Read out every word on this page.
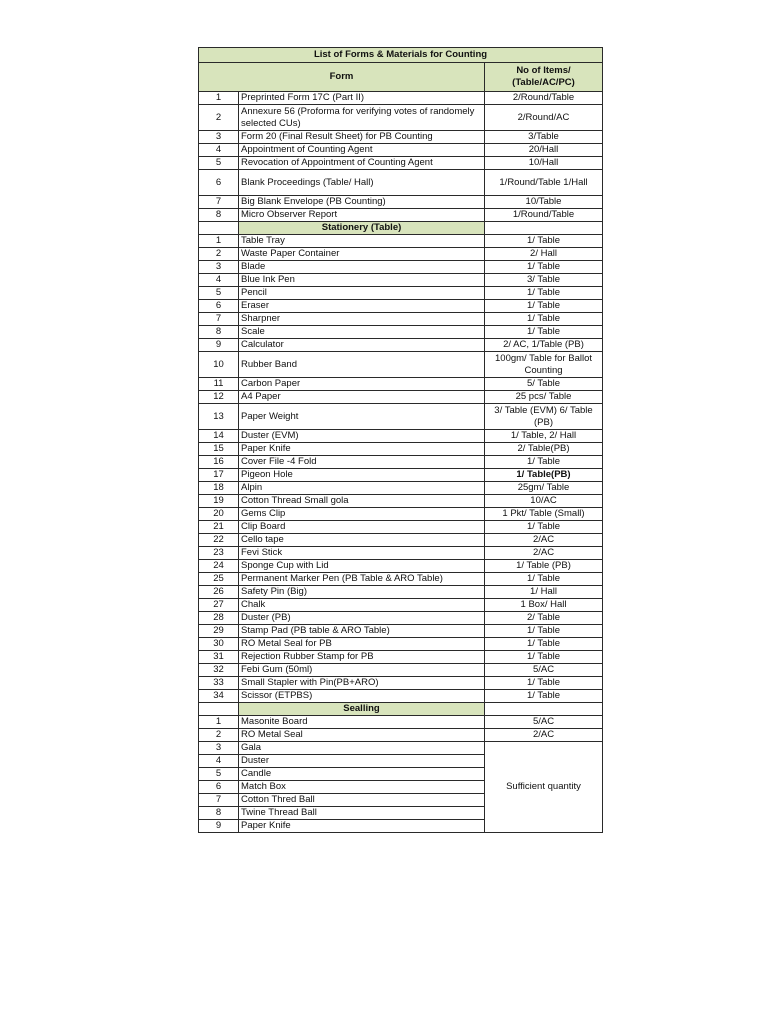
List of Forms & Materials for Counting		
Form		No of Items/ (Table/AC/PC)
1	Preprinted Form 17C (Part II)	2/Round/Table
2	Annexure 56 (Proforma for verifying votes of randomely selected CUs)	2/Round/AC
3	Form 20 (Final Result Sheet) for PB Counting	3/Table
4	Appointment of Counting Agent	20/Hall
5	Revocation of Appointment of Counting Agent	10/Hall
6	Blank Proceedings (Table/ Hall)	1/Round/Table 1/Hall
7	Big Blank Envelope (PB Counting)	10/Table
8	Micro Observer Report	1/Round/Table
	Stationery (Table)	
1	Table Tray	1/ Table
2	Waste Paper Container	2/ Hall
3	Blade	1/ Table
4	Blue Ink Pen	3/ Table
5	Pencil	1/ Table
6	Eraser	1/ Table
7	Sharpner	1/ Table
8	Scale	1/ Table
9	Calculator	2/ AC, 1/Table (PB)
10	Rubber Band	100gm/ Table for Ballot Counting
11	Carbon Paper	5/ Table
12	A4 Paper	25 pcs/ Table
13	Paper Weight	3/ Table (EVM) 6/ Table (PB)
14	Duster (EVM)	1/ Table, 2/ Hall
15	Paper Knife	2/ Table(PB)
16	Cover File -4 Fold	1/ Table
17	Pigeon Hole	1/ Table(PB)
18	Alpin	25gm/ Table
19	Cotton Thread Small gola	10/AC
20	Gems Clip	1 Pkt/ Table (Small)
21	Clip Board	1/ Table
22	Cello tape	2/AC
23	Fevi Stick	2/AC
24	Sponge Cup with Lid	1/ Table (PB)
25	Permanent Marker Pen (PB Table & ARO Table)	1/ Table
26	Safety Pin (Big)	1/ Hall
27	Chalk	1 Box/ Hall
28	Duster (PB)	2/ Table
29	Stamp Pad (PB table & ARO Table)	1/ Table
30	RO Metal Seal for PB	1/ Table
31	Rejection Rubber Stamp for PB	1/ Table
32	Febi Gum (50ml)	5/AC
33	Small Stapler with Pin(PB+ARO)	1/ Table
34	Scissor (ETPBS)	1/ Table
	Sealling	
1	Masonite Board	5/AC
2	RO Metal Seal	2/AC
3	Gala	Sufficient quantity
4	Duster	
5	Candle	
6	Match Box	
7	Cotton Thred Ball	
8	Twine Thread Ball	
9	Paper Knife	
